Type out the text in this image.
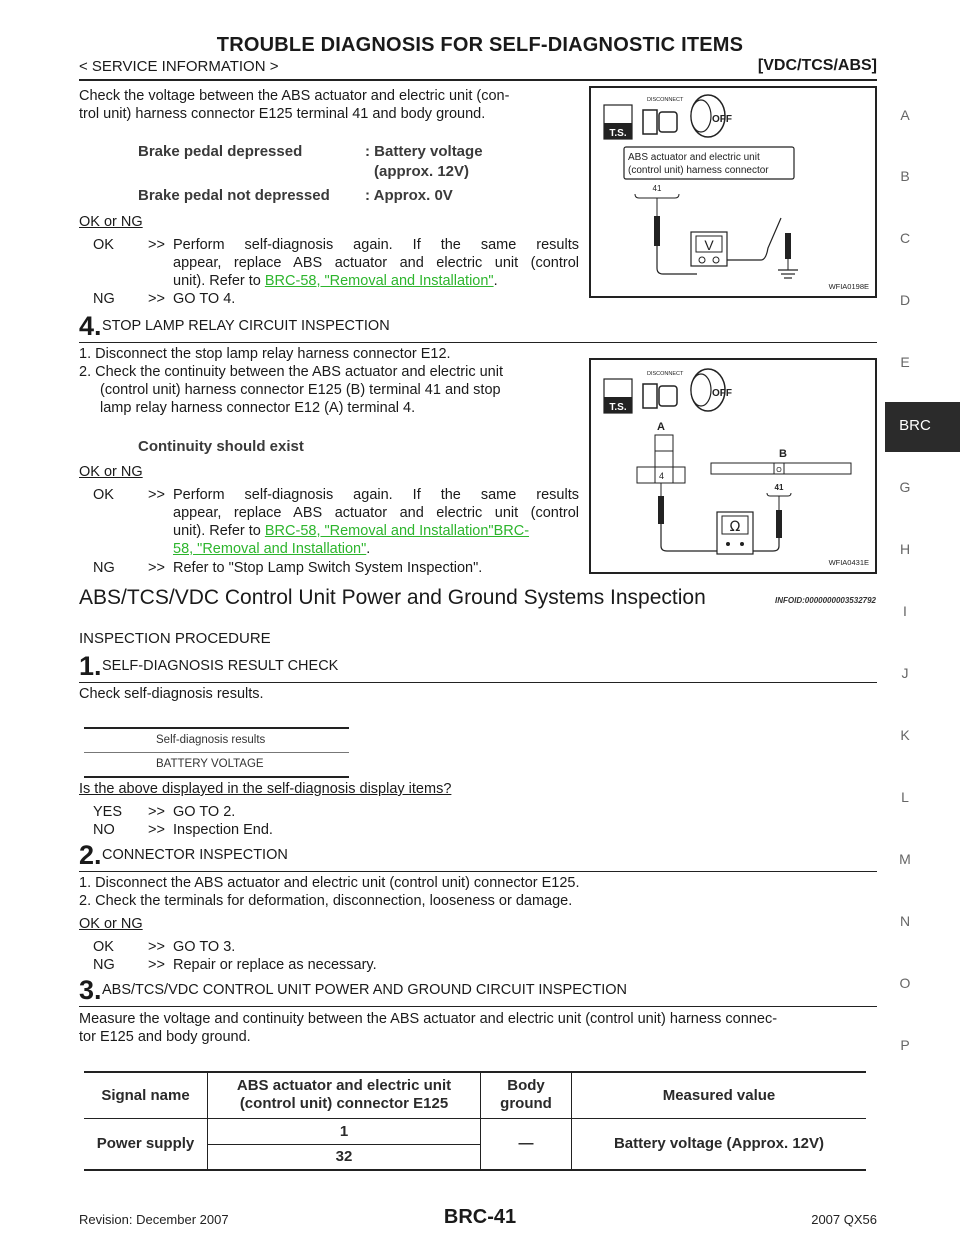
TROUBLE DIAGNOSIS FOR SELF-DIAGNOSTIC ITEMS
< SERVICE INFORMATION >	[VDC/TCS/ABS]
A
B
C
D
E
BRC
G
H
I
J
K
L
M
N
O
P
Check the voltage between the ABS actuator and electric unit (con-
trol unit) harness connector E125 terminal 41 and body ground.
Brake pedal depressed	: Battery voltage
(approx. 12V)
Brake pedal not depressed : Approx. 0V
OK or NG
OK >> Perform self-diagnosis again. If the same results
appear, replace ABS actuator and electric unit (control
unit). Refer to BRC-58, "Removal and Installation".
NG >> GO TO 4.
T.S.
DISCONNECT
OFF
ABS actuator and electric unit
(control unit) harness connector
41
V
WFIA0198E
4. STOP LAMP RELAY CIRCUIT INSPECTION
1. Disconnect the stop lamp relay harness connector E12.
2. Check the continuity between the ABS actuator and electric unit
(control unit) harness connector E125 (B) terminal 41 and stop
lamp relay harness connector E12 (A) terminal 4.
Continuity should exist
OK or NG
OK >> Perform self-diagnosis again. If the same results
appear, replace ABS actuator and electric unit (control
unit). Refer to BRC-58, "Removal and Installation"BRC-
58, "Removal and Installation".
NG >> Refer to "Stop Lamp Switch System Inspection".
T.S.
DISCONNECT
OFF
A
4
B
O
41
Ω
WFIA0431E
ABS/TCS/VDC Control Unit Power and Ground Systems Inspection	INFOID:0000000003532792
INSPECTION PROCEDURE
1. SELF-DIAGNOSIS RESULT CHECK
Check self-diagnosis results.
Self-diagnosis results
BATTERY VOLTAGE
Is the above displayed in the self-diagnosis display items?
YES >> GO TO 2.
NO >> Inspection End.
2. CONNECTOR INSPECTION
1. Disconnect the ABS actuator and electric unit (control unit) connector E125.
2. Check the terminals for deformation, disconnection, looseness or damage.
OK or NG
OK >> GO TO 3.
NG >> Repair or replace as necessary.
3. ABS/TCS/VDC CONTROL UNIT POWER AND GROUND CIRCUIT INSPECTION
Measure the voltage and continuity between the ABS actuator and electric unit (control unit) harness connec-
tor E125 and body ground.
Signal name	ABS actuator and electric unit
(control unit) connector E125	Body
ground	Measured value
Power supply	1	—	Battery voltage (Approx. 12V)
	32		
Revision: December 2007	BRC-41	2007 QX56
